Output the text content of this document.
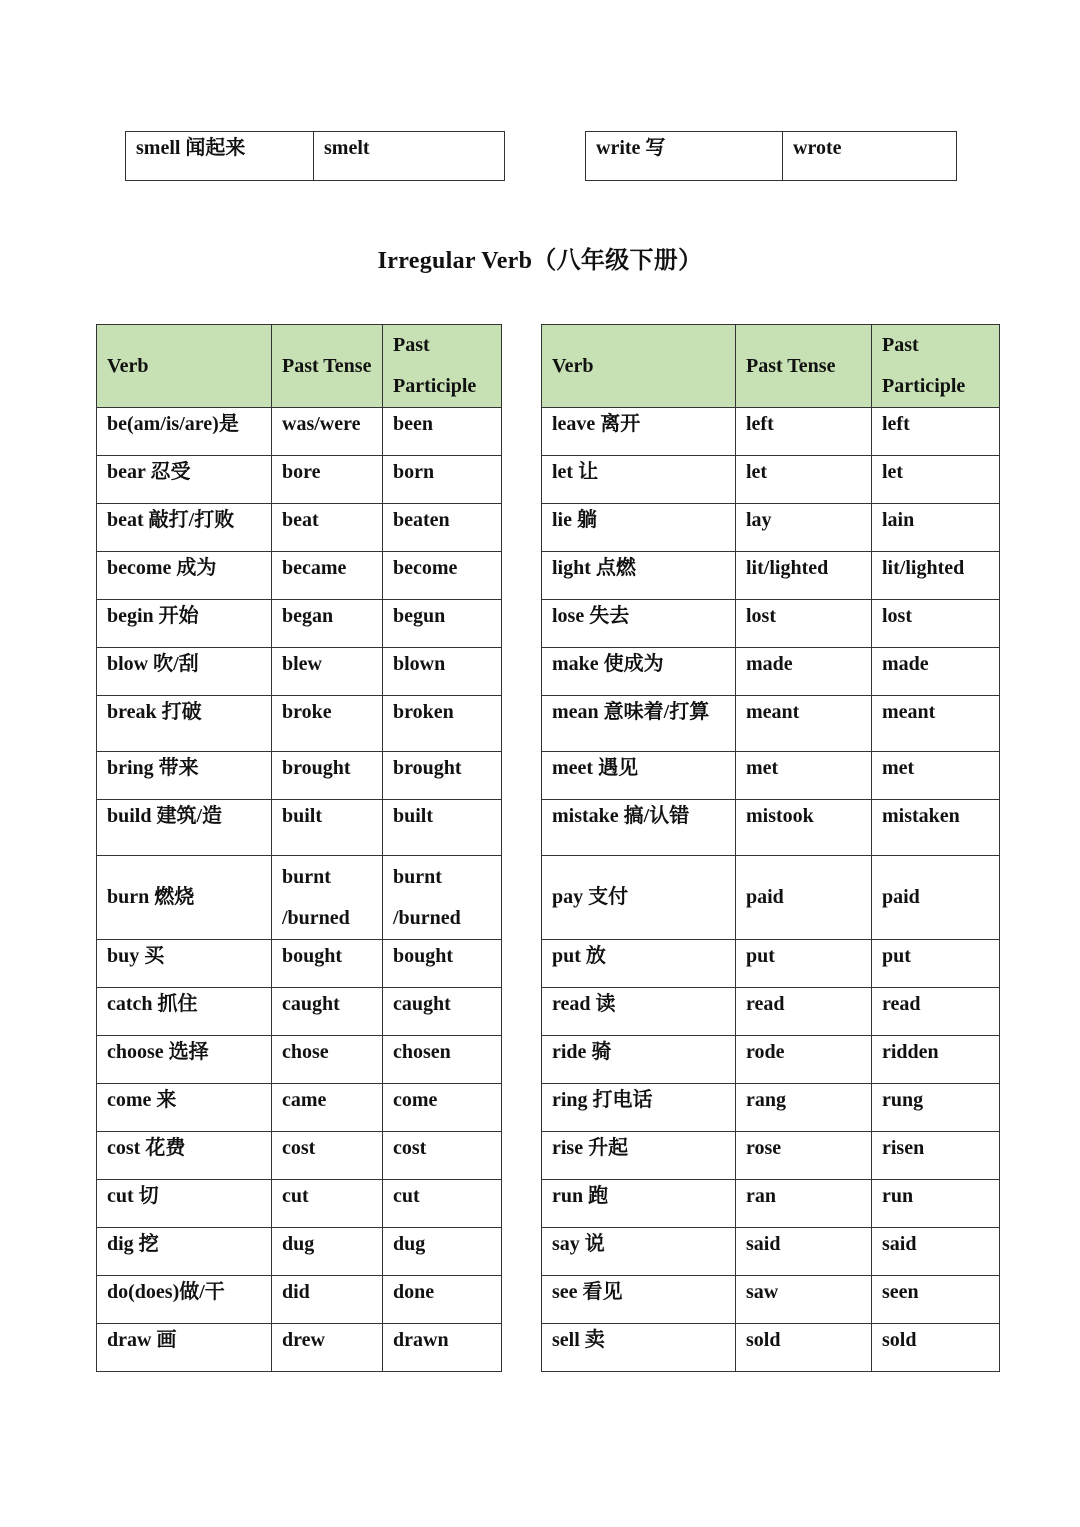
smell 闻起来	smelt	write 写	wrote
Irregular Verb（八年级下册）
Verb	Past Tense	Past Participle
be(am/is/are)是	was/were	been
bear 忍受	bore	born
beat 敲打/打败	beat	beaten
become 成为	became	become
begin 开始	began	begun
blow 吹/刮	blew	blown
break 打破	broke	broken
bring 带来	brought	brought
build 建筑/造	built	built
burn 燃烧	burnt /burned	burnt /burned
buy 买	bought	bought
catch 抓住	caught	caught
choose 选择	chose	chosen
come 来	came	come
cost 花费	cost	cost
cut 切	cut	cut
dig 挖	dug	dug
do(does)做/干	did	done
draw 画	drew	drawn
Verb	Past Tense	Past Participle
leave 离开	left	left
let 让	let	let
lie 躺	lay	lain
light 点燃	lit/lighted	lit/lighted
lose 失去	lost	lost
make 使成为	made	made
mean 意味着/打算	meant	meant
meet 遇见	met	met
mistake 搞/认错	mistook	mistaken
pay 支付	paid	paid
put 放	put	put
read 读	read	read
ride 骑	rode	ridden
ring 打电话	rang	rung
rise 升起	rose	risen
run 跑	ran	run
say 说	said	said
see 看见	saw	seen
sell 卖	sold	sold
